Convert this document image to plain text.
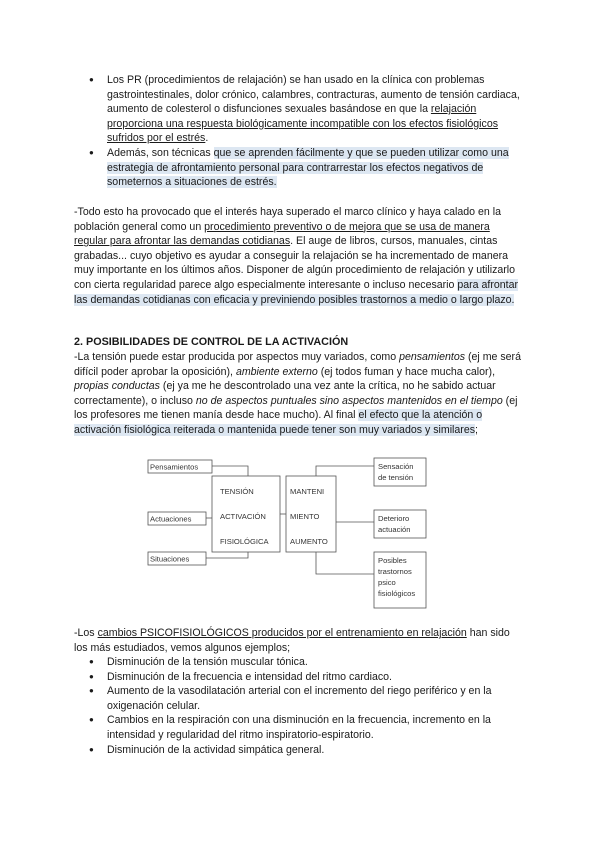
● Los PR (procedimientos de relajación) se han usado en la clínica con problemas gastrointestinales, dolor crónico, calambres, contracturas, aumento de tensión cardiaca, aumento de colesterol o disfunciones sexuales basándose en que la relajación proporciona una respuesta biológicamente incompatible con los efectos fisiológicos sufridos por el estrés.
● Además, son técnicas que se aprenden fácilmente y que se pueden utilizar como una estrategia de afrontamiento personal para contrarrestar los efectos negativos de someternos a situaciones de estrés.

-Todo esto ha provocado que el interés haya superado el marco clínico y haya calado en la población general como un procedimiento preventivo o de mejora que se usa de manera regular para afrontar las demandas cotidianas. El auge de libros, cursos, manuales, cintas grabadas... cuyo objetivo es ayudar a conseguir la relajación se ha incrementado de manera muy importante en los últimos años. Disponer de algún procedimiento de relajación y utilizarlo con cierta regularidad parece algo especialmente interesante o incluso necesario para afrontar las demandas cotidianas con eficacia y previniendo posibles trastornos a medio o largo plazo.

2. POSIBILIDADES DE CONTROL DE LA ACTIVACIÓN

-La tensión puede estar producida por aspectos muy variados, como pensamientos (ej me será difícil poder aprobar la oposición), ambiente externo (ej todos fuman y hace mucha calor), propias conductas (ej ya me he descontrolado una vez ante la crítica, no he sabido actuar correctamente), o incluso no de aspectos puntuales sino aspectos mantenidos en el tiempo (ej los profesores me tienen manía desde hace mucho). Al final el efecto que la atención o activación fisiológica reiterada o mantenida puede tener son muy variados y similares;

Pensamientos
Actuaciones
Situaciones
TENSIÓN
ACTIVACIÓN
FISIOLÓGICA
MANTENI
MIENTO
AUMENTO
Sensación
de tensión
Deterioro
actuación
Posibles
trastornos
psico
fisiológicos

-Los cambios PSICOFISIOLÓGICOS producidos por el entrenamiento en relajación han sido los más estudiados, vemos algunos ejemplos;

● Disminución de la tensión muscular tónica.
● Disminución de la frecuencia e intensidad del ritmo cardiaco.
● Aumento de la vasodilatación arterial con el incremento del riego periférico y en la oxigenación celular.
● Cambios en la respiración con una disminución en la frecuencia, incremento en la intensidad y regularidad del ritmo inspiratorio-espiratorio.
● Disminución de la actividad simpática general.
